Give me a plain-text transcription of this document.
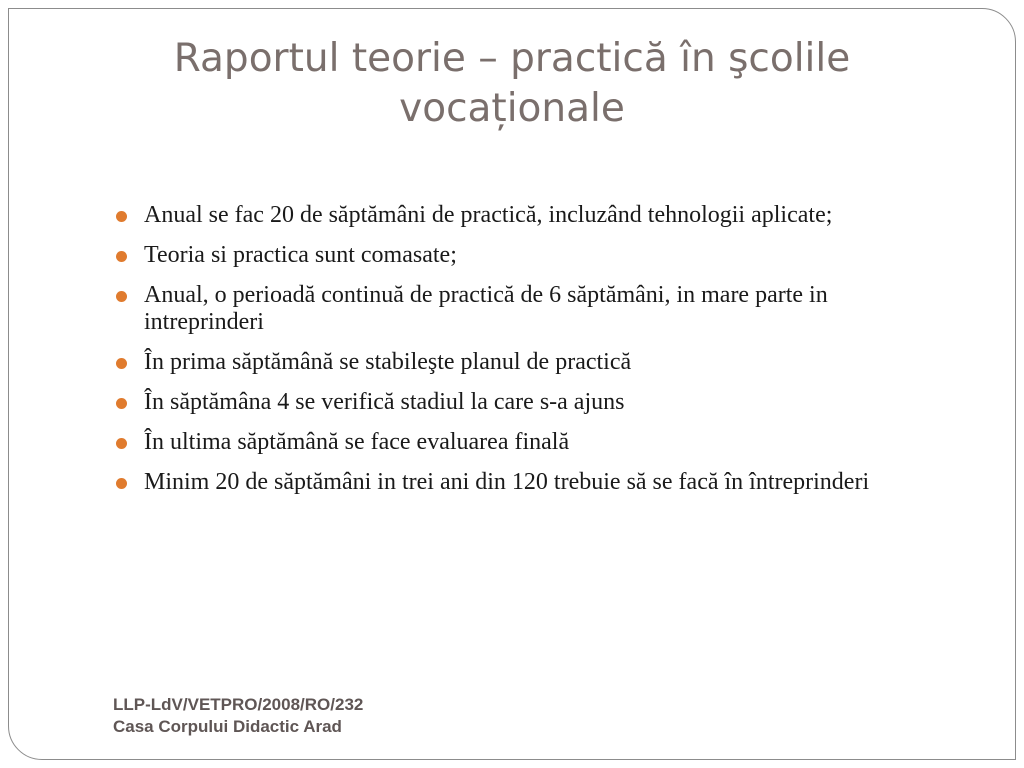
Raportul teorie – practică în şcolile vocaționale
Anual se fac 20 de săptămâni de practică, incluzând tehnologii aplicate;
Teoria si practica sunt comasate;
Anual, o perioadă continuă de practică de 6 săptămâni, in mare parte in intreprinderi
În prima săptămână se stabileşte planul de practică
În săptămâna 4 se verifică stadiul la care s-a ajuns
În ultima săptămână se face evaluarea finală
Minim 20 de săptămâni in trei ani din 120 trebuie să se facă în întreprinderi
LLP-LdV/VETPRO/2008/RO/232
Casa Corpului Didactic Arad
